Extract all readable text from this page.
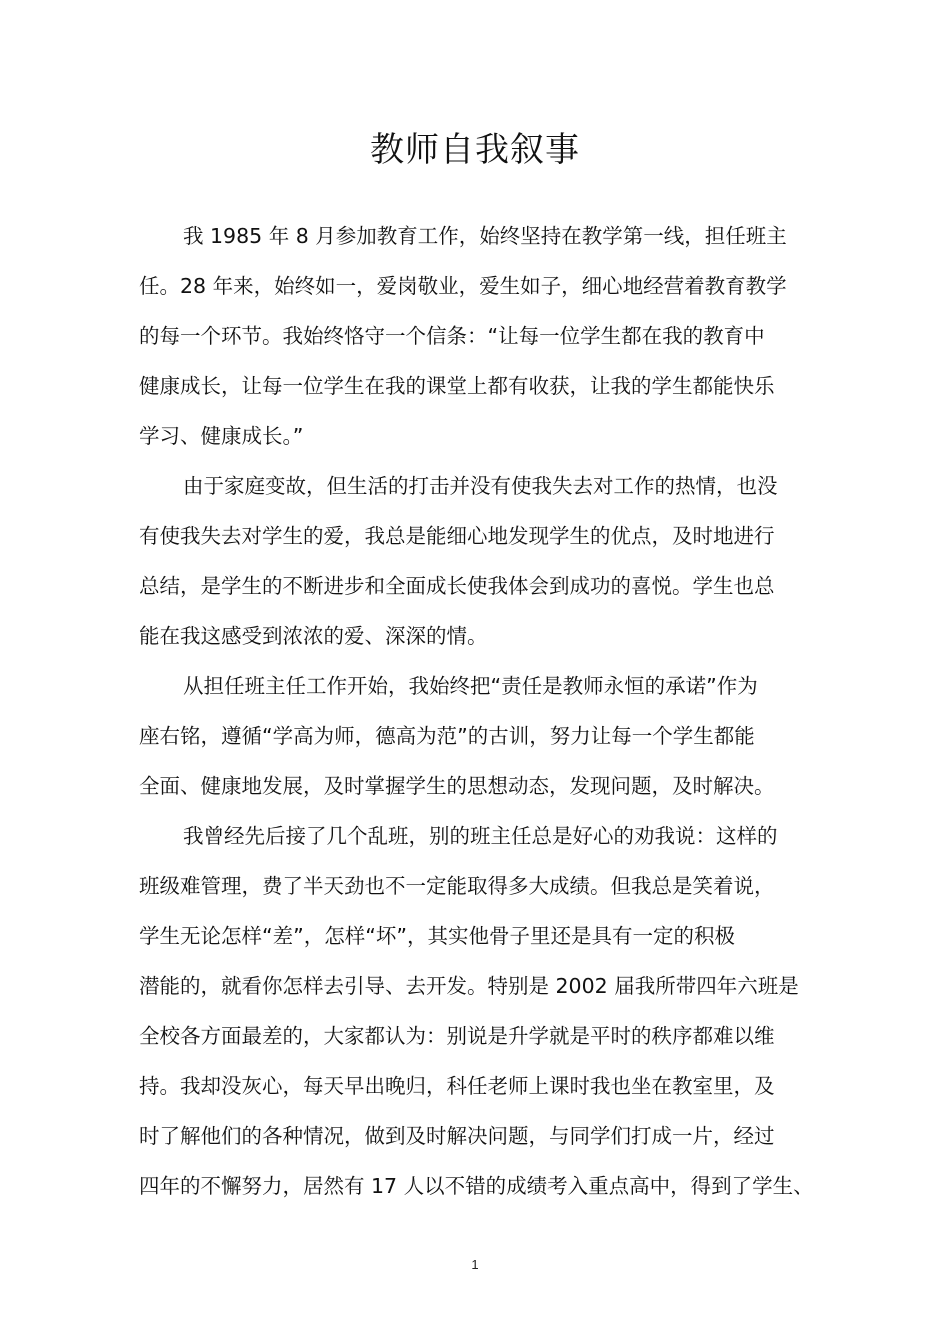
教师自我叙事
我 1985 年 8 月参加教育工作，始终坚持在教学第一线，担任班主
任。28 年来，始终如一，爱岗敬业，爱生如子，细心地经营着教育教学
的每一个环节。我始终恪守一个信条：“让每一位学生都在我的教育中
健康成长，让每一位学生在我的课堂上都有收获，让我的学生都能快乐
学习、健康成长。”
由于家庭变故，但生活的打击并没有使我失去对工作的热情，也没
有使我失去对学生的爱，我总是能细心地发现学生的优点，及时地进行
总结，是学生的不断进步和全面成长使我体会到成功的喜悦。学生也总
能在我这感受到浓浓的爱、深深的情。
从担任班主任工作开始，我始终把“责任是教师永恒的承诺”作为
座右铭，遵循“学高为师，德高为范”的古训，努力让每一个学生都能
全面、健康地发展，及时掌握学生的思想动态，发现问题，及时解决。
我曾经先后接了几个乱班，别的班主任总是好心的劝我说：这样的
班级难管理，费了半天劲也不一定能取得多大成绩。但我总是笑着说，
学生无论怎样“差”，怎样“坏”，其实他骨子里还是具有一定的积极
潜能的，就看你怎样去引导、去开发。特别是 2002 届我所带四年六班是
全校各方面最差的，大家都认为：别说是升学就是平时的秩序都难以维
持。我却没灰心，每天早出晚归，科任老师上课时我也坐在教室里，及
时了解他们的各种情况，做到及时解决问题，与同学们打成一片，经过
四年的不懈努力，居然有 17 人以不错的成绩考入重点高中，得到了学生、
1
